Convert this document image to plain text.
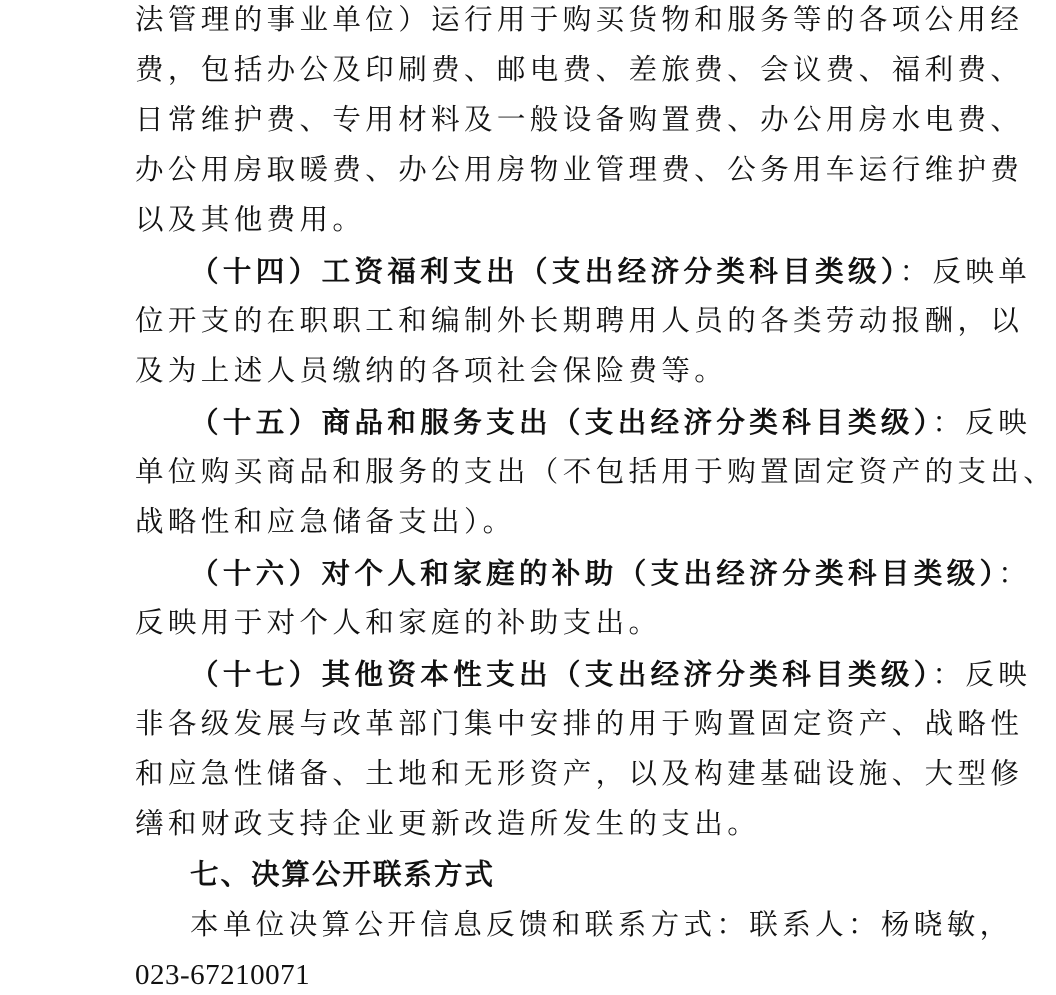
法管理的事业单位）运行用于购买货物和服务等的各项公用经
费，包括办公及印刷费、邮电费、差旅费、会议费、福利费、
日常维护费、专用材料及一般设备购置费、办公用房水电费、
办公用房取暖费、办公用房物业管理费、公务用车运行维护费
以及其他费用。
（十四）工资福利支出（支出经济分类科目类级）：反映单
位开支的在职职工和编制外长期聘用人员的各类劳动报酬，以
及为上述人员缴纳的各项社会保险费等。
（十五）商品和服务支出（支出经济分类科目类级）：反映
单位购买商品和服务的支出（不包括用于购置固定资产的支出、
战略性和应急储备支出）。
（十六）对个人和家庭的补助（支出经济分类科目类级）：
反映用于对个人和家庭的补助支出。
（十七）其他资本性支出（支出经济分类科目类级）：反映
非各级发展与改革部门集中安排的用于购置固定资产、战略性
和应急性储备、土地和无形资产，以及构建基础设施、大型修
缮和财政支持企业更新改造所发生的支出。
七、决算公开联系方式
本单位决算公开信息反馈和联系方式：联系人：杨晓敏，
023-67210071
